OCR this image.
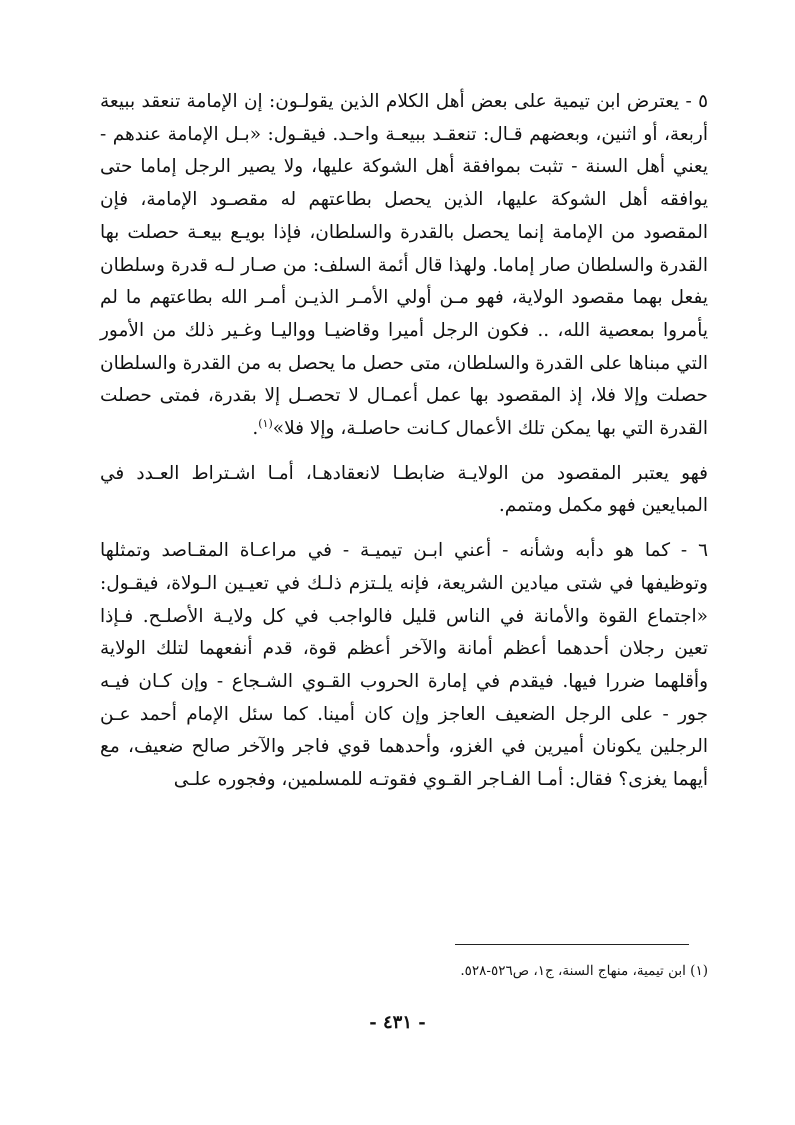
٥ - يعترض ابن تيمية على بعض أهل الكلام الذين يقولـون: إن الإمامة تنعقد ببيعة أربعة، أو اثنين، وبعضهم قـال: تنعقـد ببيعـة واحـد. فيقـول: «بـل الإمامة عندهم - يعني أهل السنة - تثبت بموافقة أهل الشوكة عليها، ولا يصير الرجل إماما حتى يوافقه أهل الشوكة عليها، الذين يحصل بطاعتهم له مقصـود الإمامة، فإن المقصود من الإمامة إنما يحصل بالقدرة والسلطان، فإذا بويـع بيعـة حصلت بها القدرة والسلطان صار إماما. ولهذا قال أئمة السلف: من صـار لـه قدرة وسلطان يفعل بهما مقصود الولاية، فهو مـن أولي الأمـر الذيـن أمـر الله بطاعتهم ما لم يأمروا بمعصية الله، .. فكون الرجل أميرا وقاضيـا وواليـا وغـير ذلك من الأمور التي مبناها على القدرة والسلطان، متى حصل ما يحصل به من القدرة والسلطان حصلت وإلا فلا، إذ المقصود بها عمل أعمـال لا تحصـل إلا بقدرة، فمتى حصلت القدرة التي بها يمكن تلك الأعمال كـانت حاصلـة، وإلا فلا»$^{(١)}$.

فهو يعتبر المقصود من الولايـة ضابطـا لانعقادهـا، أمـا اشـتراط العـدد في المبايعين فهو مكمل ومتمم.

٦ - كما هو دأبه وشأنه - أعني ابـن تيميـة - في مراعـاة المقـاصد وتمثلها وتوظيفها في شتى ميادين الشريعة، فإنه يلـتزم ذلـك في تعيـين الـولاة، فيقـول: «اجتماع القوة والأمانة في الناس قليل فالواجب في كل ولايـة الأصلـح. فـإذا تعين رجلان أحدهما أعظم أمانة والآخر أعظم قوة، قدم أنفعهما لتلك الولاية وأقلهما ضررا فيها. فيقدم في إمارة الحروب القـوي الشـجاع - وإن كـان فيـه جور - على الرجل الضعيف العاجز وإن كان أمينا. كما سئل الإمام أحمد عـن الرجلين يكونان أميرين في الغزو، وأحدهما قوي فاجر والآخر صالح ضعيف، مع أيهما يغزى؟ فقال: أمـا الفـاجر القـوي فقوتـه للمسلمين، وفجوره علـى

(١) ابن تيمية، منهاج السنة، ج١، ص٥٢٦-٥٢٨.
- ٤٣١ -
